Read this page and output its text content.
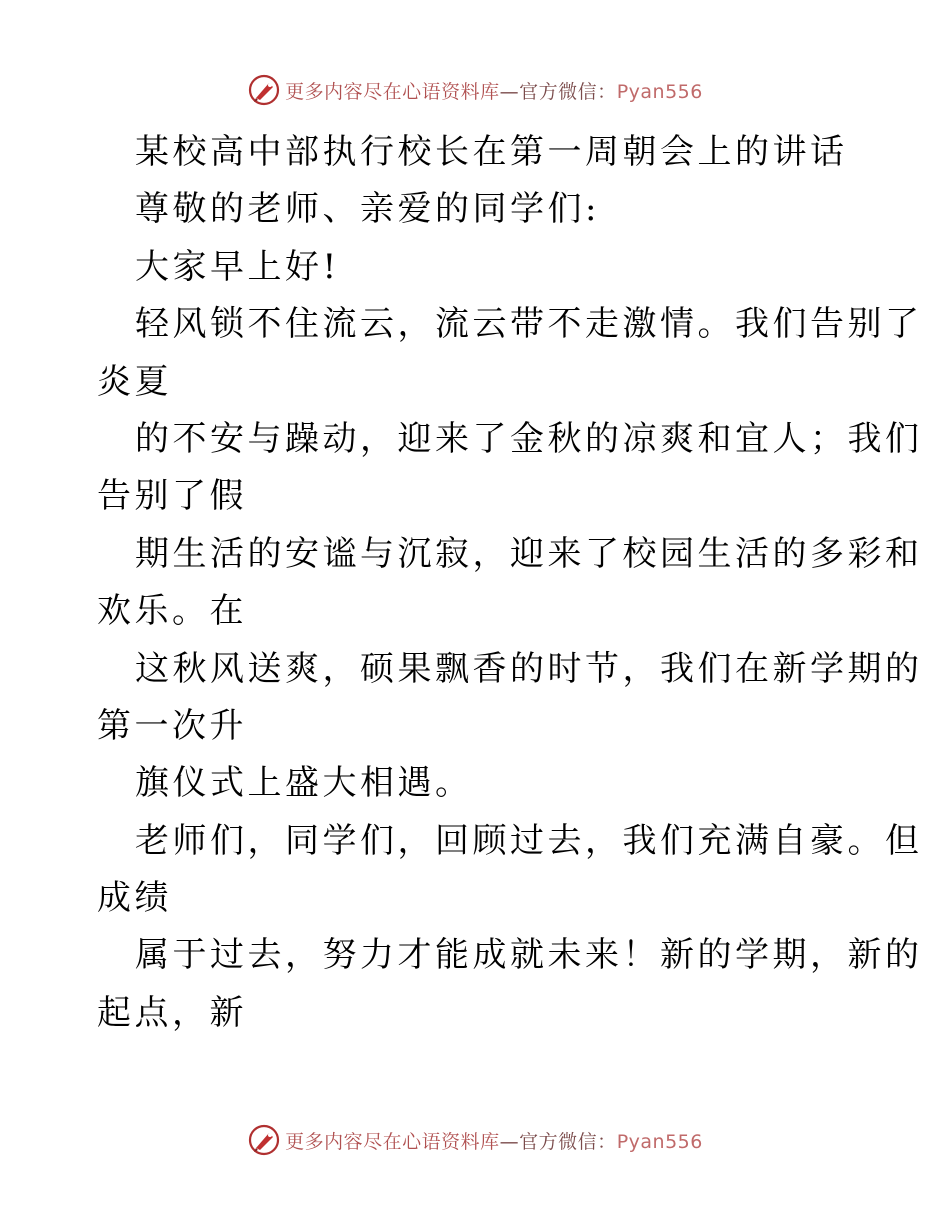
更多内容尽在心语资料库—官方微信：Pyan556
某校高中部执行校长在第一周朝会上的讲话
尊敬的老师、亲爱的同学们:
大家早上好!
轻风锁不住流云，流云带不走激情。我们告别了
炎夏
的不安与躁动，迎来了金秋的凉爽和宜人；我们
告别了假
期生活的安谧与沉寂，迎来了校园生活的多彩和
欢乐。在
这秋风送爽，硕果飘香的时节，我们在新学期的
第一次升
旗仪式上盛大相遇。
老师们，同学们，回顾过去，我们充满自豪。但
成绩
属于过去，努力才能成就未来！新的学期，新的
起点，新
更多内容尽在心语资料库—官方微信：Pyan556
